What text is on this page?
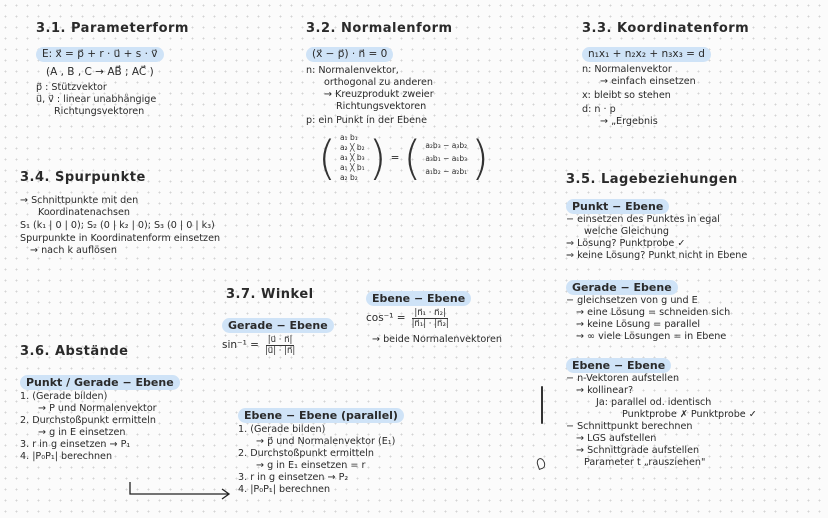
3.1. Parameterform
E: x⃗ = p⃗ + r · u⃗ + s · v⃗
(A , B , C → AB⃗ ; AC⃗ )
p⃗ : Stützvektor
u⃗, v⃗ : linear unabhängige
Richtungsvektoren
3.2. Normalenform
(x⃗ − p⃗) · n⃗ = 0
n: Normalenvektor,
orthogonal zu anderen
→ Kreuzprodukt zweier
Richtungsvektoren
p: ein Punkt in der Ebene
( a₁ b₁
a₂ ╳ b₂
a₃ ╳ b₃
a₁ ╳ b₁
a₂ b₂ ) = ( a₂b₃ − a₃b₂
a₃b₁ − a₁b₃
a₁b₂ − a₂b₁ )
3.3. Koordinatenform
n₁x₁ + n₂x₂ + n₃x₃ = d
n: Normalenvektor
→ einfach einsetzen
x: bleibt so stehen
d: n · p
→ „Ergebnis
3.4. Spurpunkte
→ Schnittpunkte mit den
Koordinatenachsen
S₁ (k₁ | 0 | 0); S₂ (0 | k₂ | 0); S₃ (0 | 0 | k₃)
Spurpunkte in Koordinatenform einsetzen
→ nach k auflösen
3.5. Lagebeziehungen
Punkt − Ebene
− einsetzen des Punktes in egal
welche Gleichung
⇒ Lösung? Punktprobe ✓
⇒ keine Lösung? Punkt nicht in Ebene
Gerade − Ebene
− gleichsetzen von g und E
→ eine Lösung = schneiden sich
→ keine Lösung = parallel
→ ∞ viele Lösungen = in Ebene
Ebene − Ebene
− n-Vektoren aufstellen
→ kollinear?
Ja: parallel od. identisch
Punktprobe ✗ Punktprobe ✓
− Schnittpunkt berechnen
→ LGS aufstellen
→ Schnittgrade aufstellen
Parameter t „rausziehen"
3.6. Abstände
Punkt / Gerade − Ebene
1. (Gerade bilden)
→ P und Normalenvektor
2. Durchstoßpunkt ermitteln
→ g in E einsetzen
3. r in g einsetzen → P₁
4. |P₀P₁| berechnen
Ebene − Ebene (parallel)
1. (Gerade bilden)
→ p⃗ und Normalenvektor (E₁)
2. Durchstoßpunkt ermitteln
→ g in E₁ einsetzen = r
3. r in g einsetzen → P₂
4. |P₀P₁| berechnen
3.7. Winkel
Gerade − Ebene
$\sin^{-1} = \frac{|u⃗ \cdot n⃗|}{|u⃗| \cdot |n⃗|}$
Ebene − Ebene
$\cos^{-1} = \frac{\text{|n⃗₁ · n⃗₂|}}{\text{|n⃗₁| · |n⃗₂|}}$

→ beide Normalenvektoren
